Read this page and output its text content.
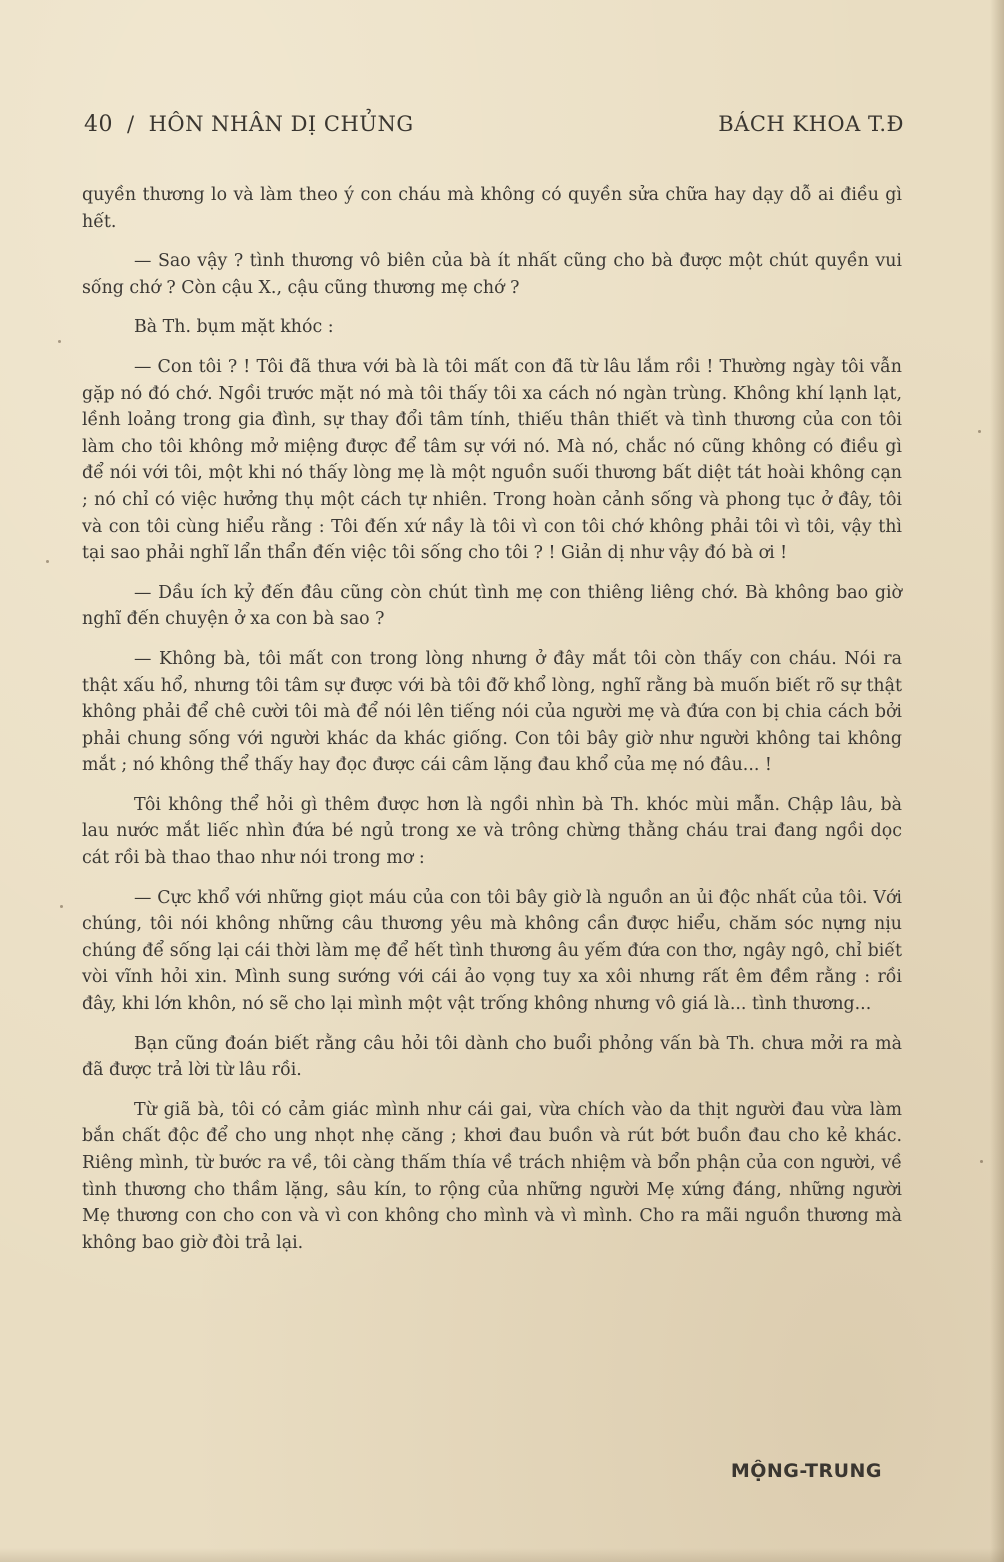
40 / HÔN NHÂN DỊ CHỦNG	BÁCH KHOA T.Đ

quyền thương lo và làm theo ý con cháu mà không có quyền sửa chữa hay dạy dỗ ai điều gì hết.

— Sao vậy ? tình thương vô biên của bà ít nhất cũng cho bà được một chút quyền vui sống chớ ? Còn cậu X., cậu cũng thương mẹ chớ ?

Bà Th. bụm mặt khóc :

— Con tôi ? ! Tôi đã thưa với bà là tôi mất con đã từ lâu lắm rồi ! Thường ngày tôi vẫn gặp nó đó chớ. Ngồi trước mặt nó mà tôi thấy tôi xa cách nó ngàn trùng. Không khí lạnh lạt, lềnh loảng trong gia đình, sự thay đổi tâm tính, thiếu thân thiết và tình thương của con tôi làm cho tôi không mở miệng được để tâm sự với nó. Mà nó, chắc nó cũng không có điều gì để nói với tôi, một khi nó thấy lòng mẹ là một nguồn suối thương bất diệt tát hoài không cạn ; nó chỉ có việc hưởng thụ một cách tự nhiên. Trong hoàn cảnh sống và phong tục ở đây, tôi và con tôi cùng hiểu rằng : Tôi đến xứ nầy là tôi vì con tôi chớ không phải tôi vì tôi, vậy thì tại sao phải nghĩ lẩn thẩn đến việc tôi sống cho tôi ? ! Giản dị như vậy đó bà ơi !

— Dầu ích kỷ đến đâu cũng còn chút tình mẹ con thiêng liêng chớ. Bà không bao giờ nghĩ đến chuyện ở xa con bà sao ?

— Không bà, tôi mất con trong lòng nhưng ở đây mắt tôi còn thấy con cháu. Nói ra thật xấu hổ, nhưng tôi tâm sự được với bà tôi đỡ khổ lòng, nghĩ rằng bà muốn biết rõ sự thật không phải để chê cười tôi mà để nói lên tiếng nói của người mẹ và đứa con bị chia cách bởi phải chung sống với người khác da khác giống. Con tôi bây giờ như người không tai không mắt ; nó không thể thấy hay đọc được cái câm lặng đau khổ của mẹ nó đâu... !

Tôi không thể hỏi gì thêm được hơn là ngồi nhìn bà Th. khóc mùi mẫn. Chập lâu, bà lau nước mắt liếc nhìn đứa bé ngủ trong xe và trông chừng thằng cháu trai đang ngồi dọc cát rồi bà thao thao như nói trong mơ :

— Cực khổ với những giọt máu của con tôi bây giờ là nguồn an ủi độc nhất của tôi. Với chúng, tôi nói không những câu thương yêu mà không cần được hiểu, chăm sóc nựng nịu chúng để sống lại cái thời làm mẹ để hết tình thương âu yếm đứa con thơ, ngây ngô, chỉ biết vòi vĩnh hỏi xin. Mình sung sướng với cái ảo vọng tuy xa xôi nhưng rất êm đềm rằng : rồi đây, khi lớn khôn, nó sẽ cho lại mình một vật trống không nhưng vô giá là... tình thương...

Bạn cũng đoán biết rằng câu hỏi tôi dành cho buổi phỏng vấn bà Th. chưa mởi ra mà đã được trả lời từ lâu rồi.

Từ giã bà, tôi có cảm giác mình như cái gai, vừa chích vào da thịt người đau vừa làm bắn chất độc để cho ung nhọt nhẹ căng ; khơi đau buồn và rút bớt buồn đau cho kẻ khác. Riêng mình, từ bước ra về, tôi càng thấm thía về trách nhiệm và bổn phận của con người, về tình thương cho thầm lặng, sâu kín, to rộng của những người Mẹ xứng đáng, những người Mẹ thương con cho con và vì con không cho mình và vì mình. Cho ra mãi nguồn thương mà không bao giờ đòi trả lại.

MỘNG-TRUNG
